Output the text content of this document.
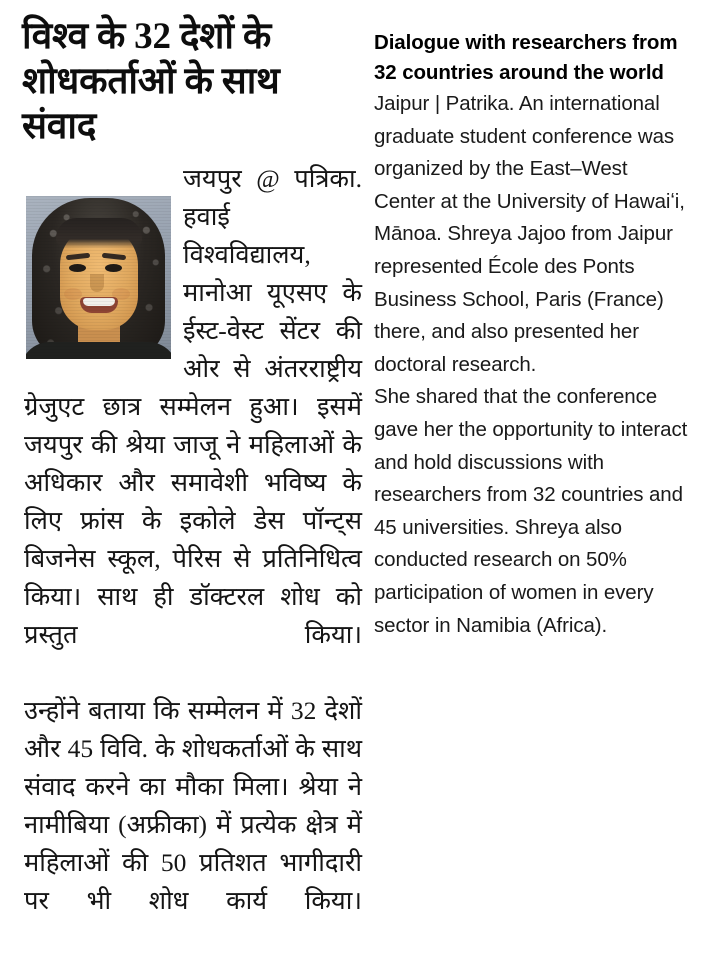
विश्व के 32 देशों के शोधकर्ताओं के साथ संवाद

जयपुर @ पत्रिका. हवाई विश्वविद्यालय, मानोआ यूएसए के ईस्ट-वेस्ट सेंटर की ओर से अंतरराष्ट्रीय ग्रेजुएट छात्र सम्मेलन हुआ। इसमें जयपुर की श्रेया जाजू ने महिलाओं के अधिकार और समावेशी भविष्य के लिए फ्रांस के इकोले डेस पॉन्ट्स बिजनेस स्कूल, पेरिस से प्रतिनिधित्व किया। साथ ही डॉक्टरल शोध को प्रस्तुत किया।

उन्होंने बताया कि सम्मेलन में 32 देशों और 45 विवि. के शोधकर्ताओं के साथ संवाद करने का मौका मिला। श्रेया ने नामीबिया (अफ्रीका) में प्रत्येक क्षेत्र में महिलाओं की 50 प्रतिशत भागीदारी पर भी शोध कार्य किया।

Dialogue with researchers from 32 countries around the world

Jaipur | Patrika. An international graduate student conference was organized by the East–West Center at the University of Hawaiʻi, Mānoa. Shreya Jajoo from Jaipur represented École des Ponts Business School, Paris (France) there, and also presented her doctoral research.

She shared that the conference gave her the opportunity to interact and hold discussions with researchers from 32 countries and 45 universities. Shreya also conducted research on 50% participation of women in every sector in Namibia (Africa).
